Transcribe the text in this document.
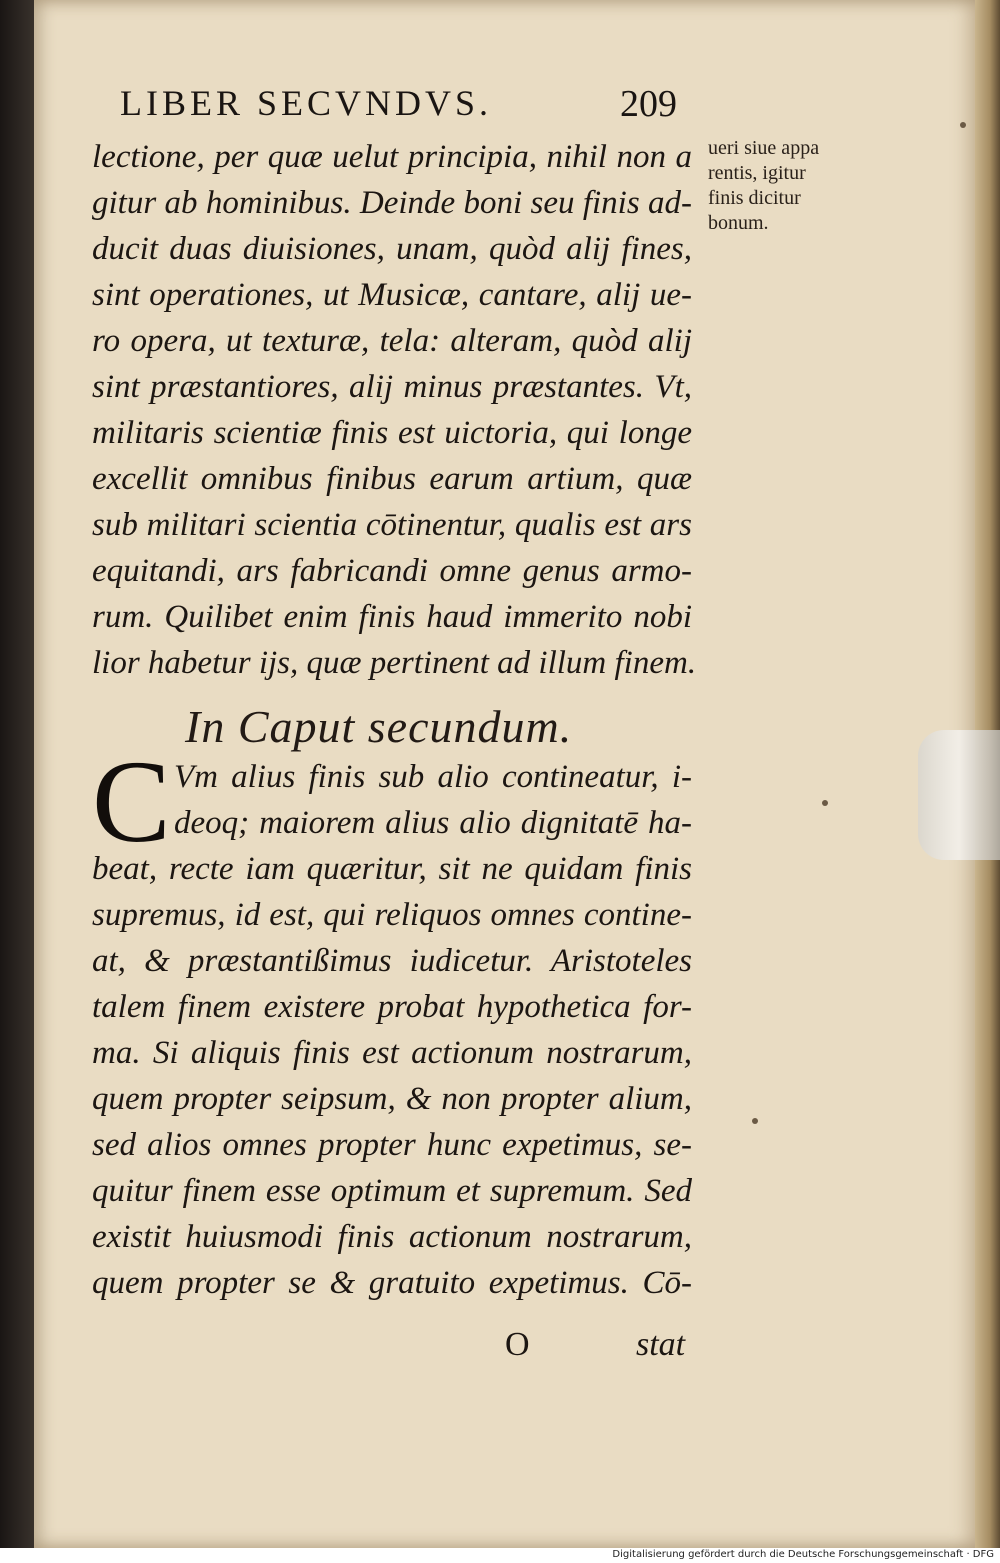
LIBER SECVNDVS.	209
ueri siue appa
rentis, igitur
finis dicitur
bonum.
lectione, per quæ uelut principia, nihil non a
gitur ab hominibus. Deinde boni seu finis ad-
ducit duas diuisiones, unam, quòd alij fines,
sint operationes, ut Musicæ, cantare, alij ue-
ro opera, ut texturæ, tela: alteram, quòd alij
sint præstantiores, alij minus præstantes. Vt,
militaris scientiæ finis est uictoria, qui longe
excellit omnibus finibus earum artium, quæ
sub militari scientia cōtinentur, qualis est ars
equitandi, ars fabricandi omne genus armo-
rum. Quilibet enim finis haud immerito nobi
lior habetur ijs, quæ pertinent ad illum finem.
In Caput secundum.
C Vm alius finis sub alio contineatur, i-
deoq; maiorem alius alio dignitatē ha-
beat, recte iam quæritur, sit ne quidam finis
supremus, id est, qui reliquos omnes contine-
at, & præstantißimus iudicetur. Aristoteles
talem finem existere probat hypothetica for-
ma. Si aliquis finis est actionum nostrarum,
quem propter seipsum, & non propter alium,
sed alios omnes propter hunc expetimus, se-
quitur finem esse optimum et supremum. Sed
existit huiusmodi finis actionum nostrarum,
quem propter se & gratuito expetimus. Cō-
O	stat
Digitalisierung gefördert durch die Deutsche Forschungsgemeinschaft · DFG
